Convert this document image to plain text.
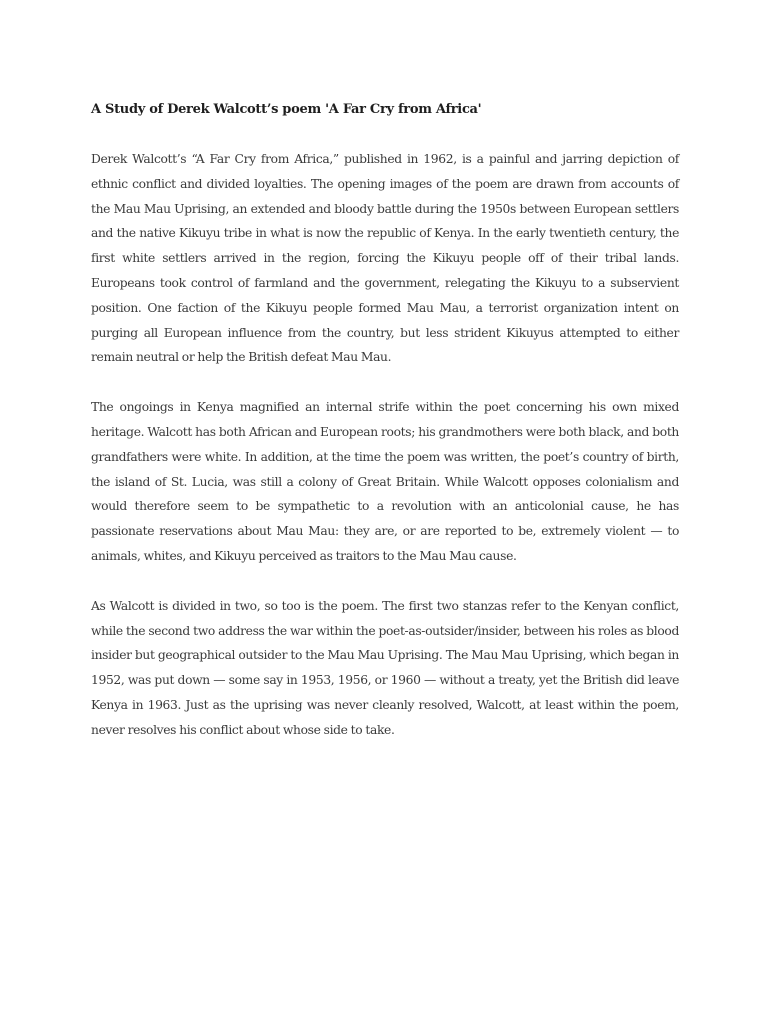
A Study of Derek Walcott’s poem 'A Far Cry from Africa'

Derek Walcott’s “A Far Cry from Africa,” published in 1962, is a painful and jarring depiction of ethnic conflict and divided loyalties. The opening images of the poem are drawn from accounts of the Mau Mau Uprising, an extended and bloody battle during the 1950s between European settlers and the native Kikuyu tribe in what is now the republic of Kenya. In the early twentieth century, the first white settlers arrived in the region, forcing the Kikuyu people off of their tribal lands. Europeans took control of farmland and the government, relegating the Kikuyu to a subservient position. One faction of the Kikuyu people formed Mau Mau, a terrorist organization intent on purging all European influence from the country, but less strident Kikuyus attempted to either remain neutral or help the British defeat Mau Mau.

The ongoings in Kenya magnified an internal strife within the poet concerning his own mixed heritage. Walcott has both African and European roots; his grandmothers were both black, and both grandfathers were white. In addition, at the time the poem was written, the poet’s country of birth, the island of St. Lucia, was still a colony of Great Britain. While Walcott opposes colonialism and would therefore seem to be sympathetic to a revolution with an anticolonial cause, he has passionate reservations about Mau Mau: they are, or are reported to be, extremely violent — to animals, whites, and Kikuyu perceived as traitors to the Mau Mau cause.

As Walcott is divided in two, so too is the poem. The first two stanzas refer to the Kenyan conflict, while the second two address the war within the poet-as-outsider/insider, between his roles as blood insider but geographical outsider to the Mau Mau Uprising. The Mau Mau Uprising, which began in 1952, was put down — some say in 1953, 1956, or 1960 — without a treaty, yet the British did leave Kenya in 1963. Just as the uprising was never cleanly resolved, Walcott, at least within the poem, never resolves his conflict about whose side to take.
